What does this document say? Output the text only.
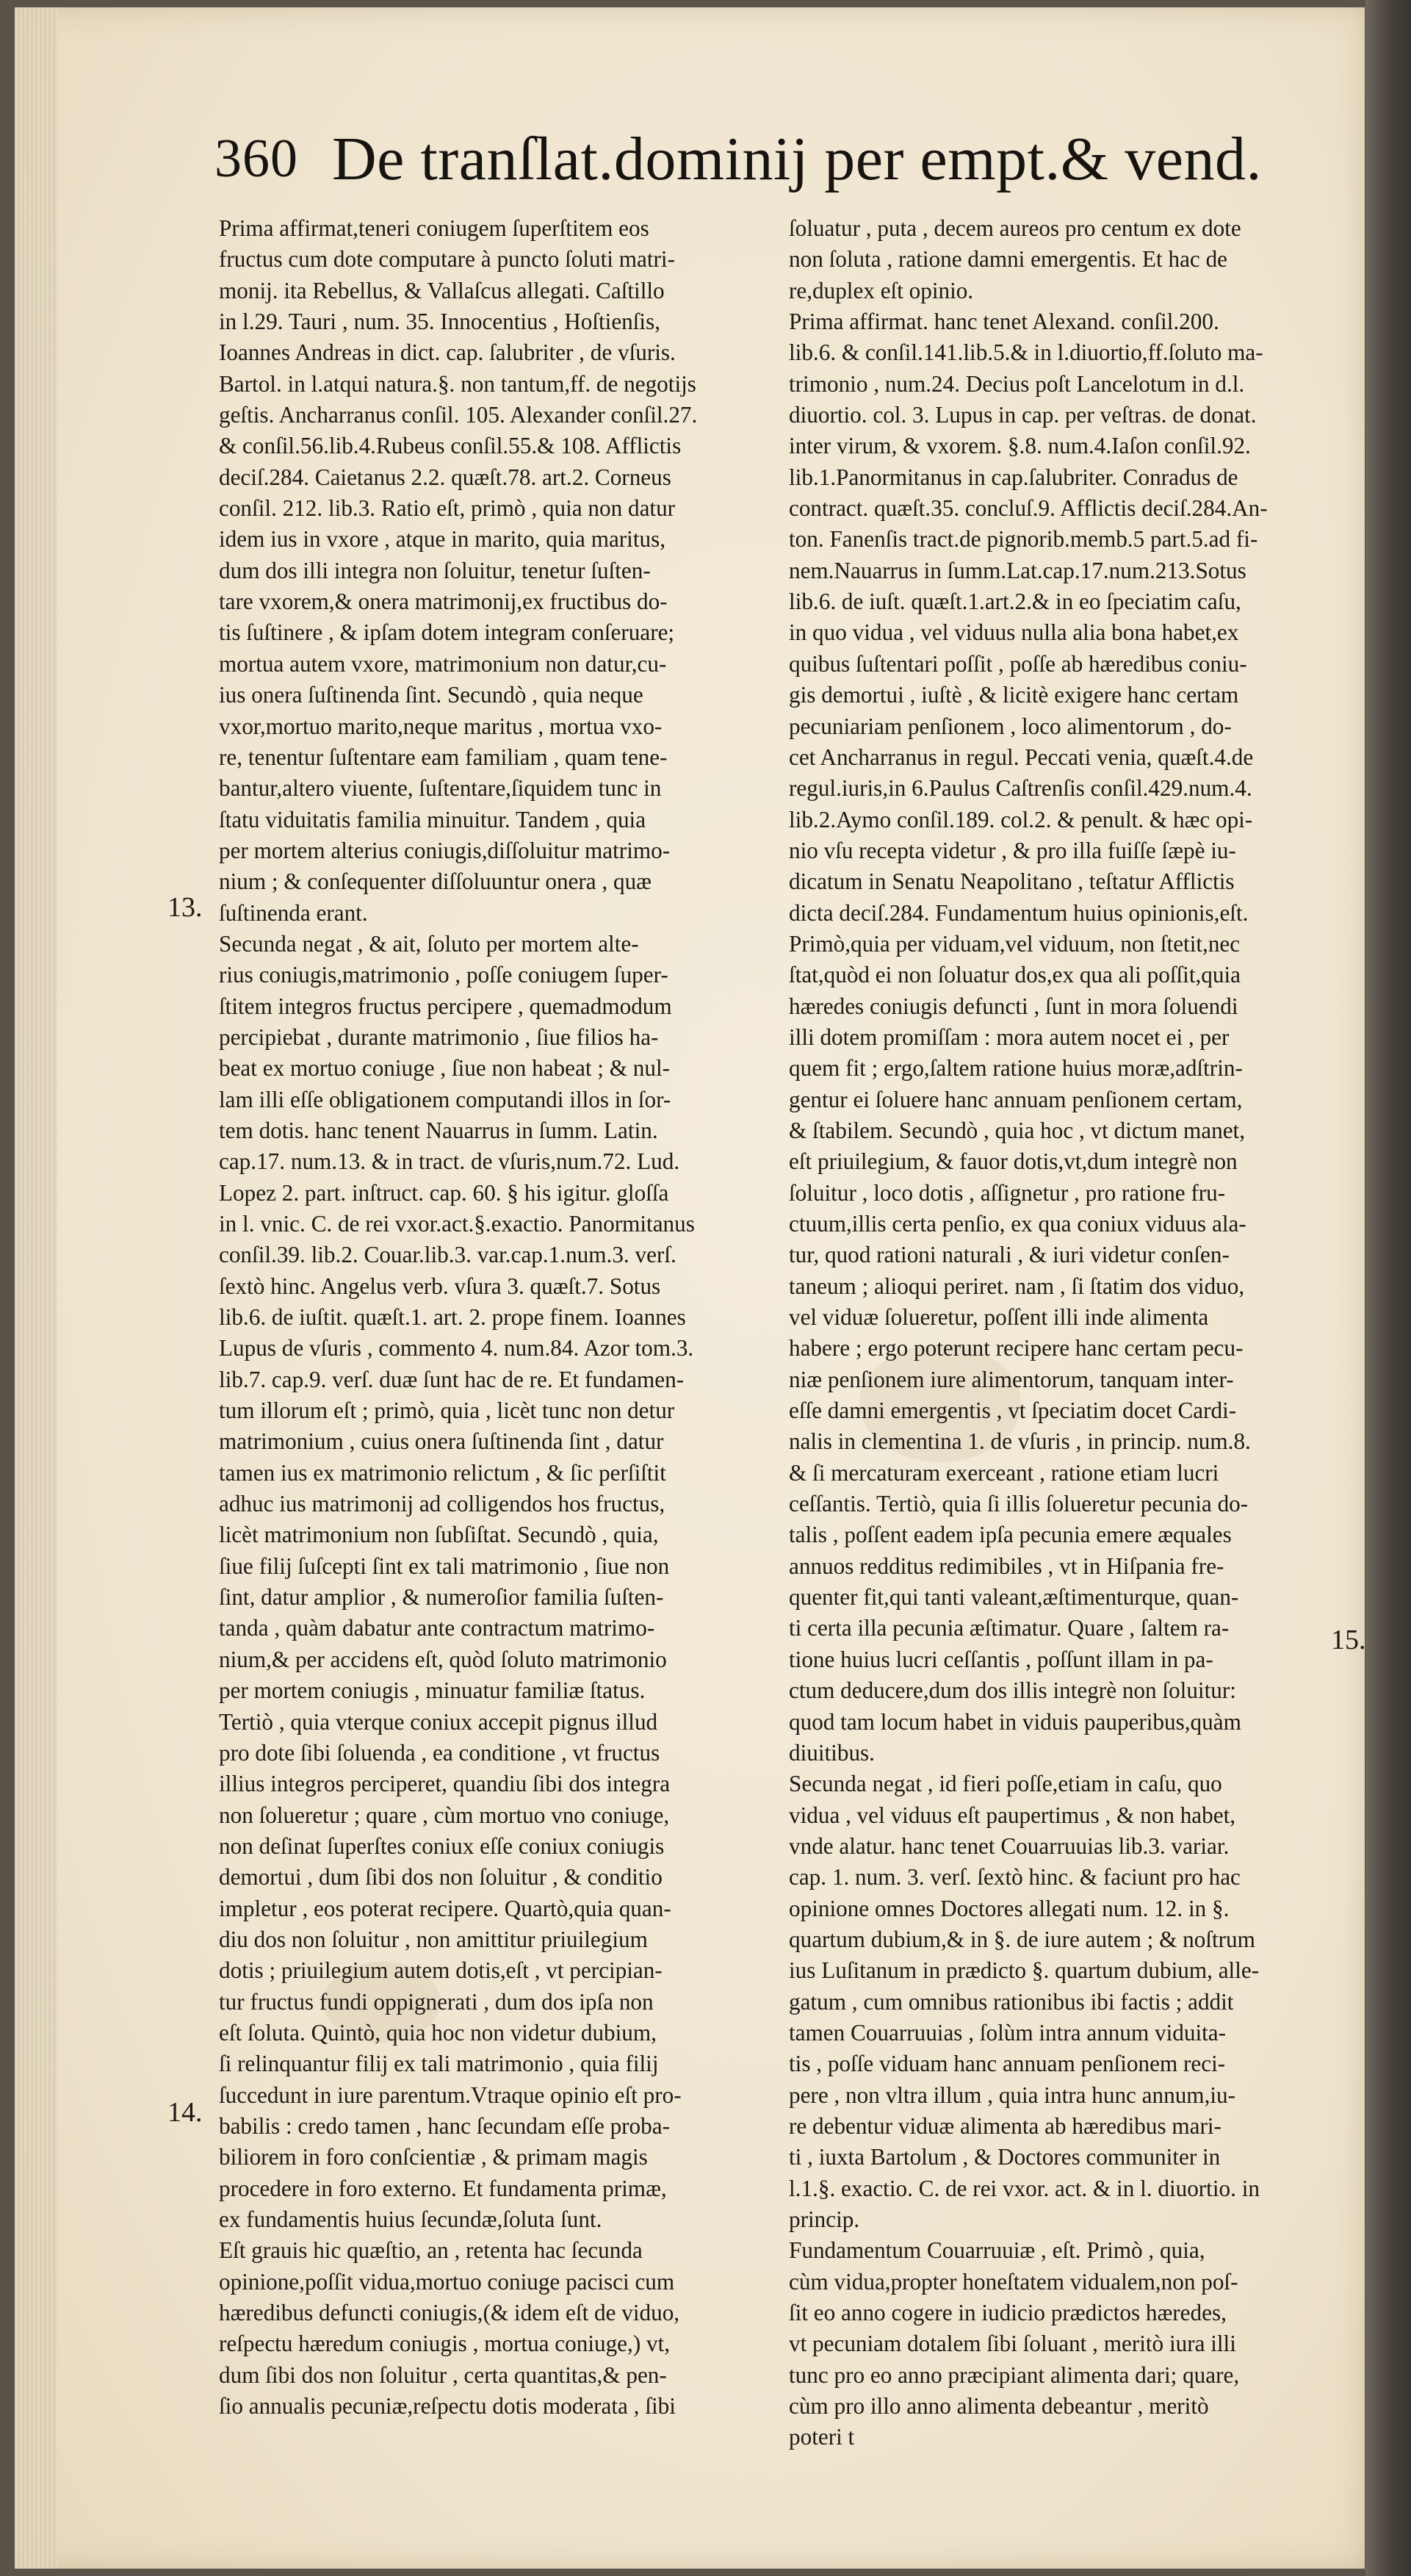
360 De tranſlat.dominij per empt.& vend.
13.
14.
15.
Prima affirmat,teneri coniugem ſuperſtitem eos
fructus cum dote computare à puncto ſoluti matri-
monij. ita Rebellus, & Vallaſcus allegati. Caſtillo
in l.29. Tauri , num. 35. Innocentius , Hoſtienſis,
Ioannes Andreas in dict. cap. ſalubriter , de vſuris.
Bartol. in l.atqui natura.§. non tantum,ff. de negotijs
geſtis. Ancharranus conſil. 105. Alexander conſil.27.
& conſil.56.lib.4.Rubeus conſil.55.& 108. Afflictis
deciſ.284. Caietanus 2.2. quæſt.78. art.2. Corneus
conſil. 212. lib.3. Ratio eſt, primò , quia non datur
idem ius in vxore , atque in marito, quia maritus,
dum dos illi integra non ſoluitur, tenetur ſuſten-
tare vxorem,& onera matrimonij,ex fructibus do-
tis ſuſtinere , & ipſam dotem integram conſeruare;
mortua autem vxore, matrimonium non datur,cu-
ius onera ſuſtinenda ſint. Secundò , quia neque
vxor,mortuo marito,neque maritus , mortua vxo-
re, tenentur ſuſtentare eam familiam , quam tene-
bantur,altero viuente, ſuſtentare,ſiquidem tunc in
ſtatu viduitatis familia minuitur. Tandem , quia
per mortem alterius coniugis,diſſoluitur matrimo-
nium ; & conſequenter diſſoluuntur onera , quæ
ſuſtinenda erant.
Secunda negat , & ait, ſoluto per mortem alte-
rius coniugis,matrimonio , poſſe coniugem ſuper-
ſtitem integros fructus percipere , quemadmodum
percipiebat , durante matrimonio , ſiue filios ha-
beat ex mortuo coniuge , ſiue non habeat ; & nul-
lam illi eſſe obligationem computandi illos in ſor-
tem dotis. hanc tenent Nauarrus in ſumm. Latin.
cap.17. num.13. & in tract. de vſuris,num.72. Lud.
Lopez 2. part. inſtruct. cap. 60. § his igitur. gloſſa
in l. vnic. C. de rei vxor.act.§.exactio. Panormitanus
conſil.39. lib.2. Couar.lib.3. var.cap.1.num.3. verſ.
ſextò hinc. Angelus verb. vſura 3. quæſt.7. Sotus
lib.6. de iuſtit. quæſt.1. art. 2. prope finem. Ioannes
Lupus de vſuris , commento 4. num.84. Azor tom.3.
lib.7. cap.9. verſ. duæ ſunt hac de re. Et fundamen-
tum illorum eſt ; primò, quia , licèt tunc non detur
matrimonium , cuius onera ſuſtinenda ſint , datur
tamen ius ex matrimonio relictum , & ſic perſiſtit
adhuc ius matrimonij ad colligendos hos fructus,
licèt matrimonium non ſubſiſtat. Secundò , quia,
ſiue filij ſuſcepti ſint ex tali matrimonio , ſiue non
ſint, datur amplior , & numeroſior familia ſuſten-
tanda , quàm dabatur ante contractum matrimo-
nium,& per accidens eſt, quòd ſoluto matrimonio
per mortem coniugis , minuatur familiæ ſtatus.
Tertiò , quia vterque coniux accepit pignus illud
pro dote ſibi ſoluenda , ea conditione , vt fructus
illius integros perciperet, quandiu ſibi dos integra
non ſolueretur ; quare , cùm mortuo vno coniuge,
non deſinat ſuperſtes coniux eſſe coniux coniugis
demortui , dum ſibi dos non ſoluitur , & conditio
impletur , eos poterat recipere. Quartò,quia quan-
diu dos non ſoluitur , non amittitur priuilegium
dotis ; priuilegium autem dotis,eſt , vt percipian-
tur fructus fundi oppignerati , dum dos ipſa non
eſt ſoluta. Quintò, quia hoc non videtur dubium,
ſi relinquantur filij ex tali matrimonio , quia filij
ſuccedunt in iure parentum.Vtraque opinio eſt pro-
babilis : credo tamen , hanc ſecundam eſſe proba-
biliorem in foro conſcientiæ , & primam magis
procedere in foro externo. Et fundamenta primæ,
ex fundamentis huius ſecundæ,ſoluta ſunt.
Eſt grauis hic quæſtio, an , retenta hac ſecunda
opinione,poſſit vidua,mortuo coniuge pacisci cum
hæredibus defuncti coniugis,(& idem eſt de viduo,
reſpectu hæredum coniugis , mortua coniuge,) vt,
dum ſibi dos non ſoluitur , certa quantitas,& pen-
ſio annualis pecuniæ,reſpectu dotis moderata , ſibi
ſoluatur , puta , decem aureos pro centum ex dote
non ſoluta , ratione damni emergentis. Et hac de
re,duplex eſt opinio.
Prima affirmat. hanc tenet Alexand. conſil.200.
lib.6. & conſil.141.lib.5.& in l.diuortio,ff.ſoluto ma-
trimonio , num.24. Decius poſt Lancelotum in d.l.
diuortio. col. 3. Lupus in cap. per veſtras. de donat.
inter virum, & vxorem. §.8. num.4.Iaſon conſil.92.
lib.1.Panormitanus in cap.ſalubriter. Conradus de
contract. quæſt.35. concluſ.9. Afflictis deciſ.284.An-
ton. Fanenſis tract.de pignorib.memb.5 part.5.ad fi-
nem.Nauarrus in ſumm.Lat.cap.17.num.213.Sotus
lib.6. de iuſt. quæſt.1.art.2.& in eo ſpeciatim caſu,
in quo vidua , vel viduus nulla alia bona habet,ex
quibus ſuſtentari poſſit , poſſe ab hæredibus coniu-
gis demortui , iuſtè , & licitè exigere hanc certam
pecuniariam penſionem , loco alimentorum , do-
cet Ancharranus in regul. Peccati venia, quæſt.4.de
regul.iuris,in 6.Paulus Caſtrenſis conſil.429.num.4.
lib.2.Aymo conſil.189. col.2. & penult. & hæc opi-
nio vſu recepta videtur , & pro illa fuiſſe ſæpè iu-
dicatum in Senatu Neapolitano , teſtatur Afflictis
dicta deciſ.284. Fundamentum huius opinionis,eſt.
Primò,quia per viduam,vel viduum, non ſtetit,nec
ſtat,quòd ei non ſoluatur dos,ex qua ali poſſit,quia
hæredes coniugis defuncti , ſunt in mora ſoluendi
illi dotem promiſſam : mora autem nocet ei , per
quem fit ; ergo,ſaltem ratione huius moræ,adſtrin-
gentur ei ſoluere hanc annuam penſionem certam,
& ſtabilem. Secundò , quia hoc , vt dictum manet,
eſt priuilegium, & fauor dotis,vt,dum integrè non
ſoluitur , loco dotis , aſſignetur , pro ratione fru-
ctuum,illis certa penſio, ex qua coniux viduus ala-
tur, quod rationi naturali , & iuri videtur conſen-
taneum ; alioqui periret. nam , ſi ſtatim dos viduo,
vel viduæ ſolueretur, poſſent illi inde alimenta
habere ; ergo poterunt recipere hanc certam pecu-
niæ penſionem iure alimentorum, tanquam inter-
eſſe damni emergentis , vt ſpeciatim docet Cardi-
nalis in clementina 1. de vſuris , in princip. num.8.
& ſi mercaturam exerceant , ratione etiam lucri
ceſſantis. Tertiò, quia ſi illis ſolueretur pecunia do-
talis , poſſent eadem ipſa pecunia emere æquales
annuos redditus redimibiles , vt in Hiſpania fre-
quenter fit,qui tanti valeant,æſtimenturque, quan-
ti certa illa pecunia æſtimatur. Quare , ſaltem ra-
tione huius lucri ceſſantis , poſſunt illam in pa-
ctum deducere,dum dos illis integrè non ſoluitur:
quod tam locum habet in viduis pauperibus,quàm
diuitibus.
Secunda negat , id fieri poſſe,etiam in caſu, quo
vidua , vel viduus eſt paupertimus , & non habet,
vnde alatur. hanc tenet Couarruuias lib.3. variar.
cap. 1. num. 3. verſ. ſextò hinc. & faciunt pro hac
opinione omnes Doctores allegati num. 12. in §.
quartum dubium,& in §. de iure autem ; & noſtrum
ius Luſitanum in prædicto §. quartum dubium, alle-
gatum , cum omnibus rationibus ibi factis ; addit
tamen Couarruuias , ſolùm intra annum viduita-
tis , poſſe viduam hanc annuam penſionem reci-
pere , non vltra illum , quia intra hunc annum,iu-
re debentur viduæ alimenta ab hæredibus mari-
ti , iuxta Bartolum , & Doctores communiter in
l.1.§. exactio. C. de rei vxor. act. & in l. diuortio. in
princip.
Fundamentum Couarruuiæ , eſt. Primò , quia,
cùm vidua,propter honeſtatem vidualem,non poſ-
ſit eo anno cogere in iudicio prædictos hæredes,
vt pecuniam dotalem ſibi ſoluant , meritò iura illi
tunc pro eo anno præcipiant alimenta dari; quare,
cùm pro illo anno alimenta debeantur , meritò
poteri t
